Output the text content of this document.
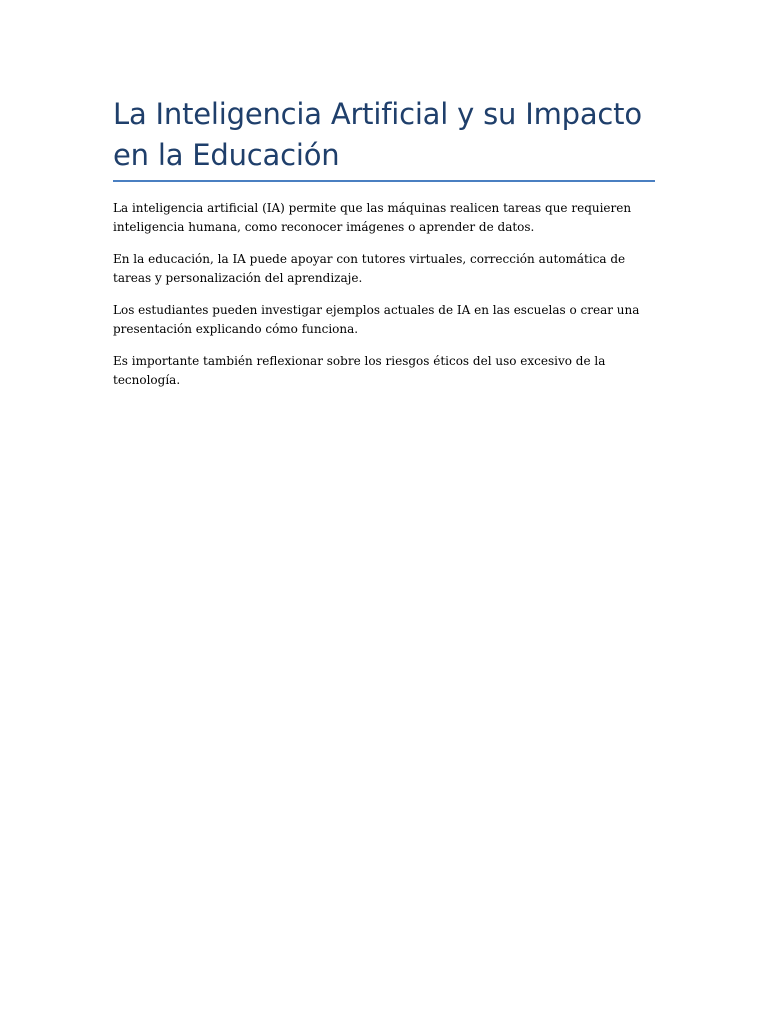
La Inteligencia Artificial y su Impacto en la Educación

La inteligencia artificial (IA) permite que las máquinas realicen tareas que requieren inteligencia humana, como reconocer imágenes o aprender de datos.

En la educación, la IA puede apoyar con tutores virtuales, corrección automática de tareas y personalización del aprendizaje.

Los estudiantes pueden investigar ejemplos actuales de IA en las escuelas o crear una presentación explicando cómo funciona.

Es importante también reflexionar sobre los riesgos éticos del uso excesivo de la tecnología.
